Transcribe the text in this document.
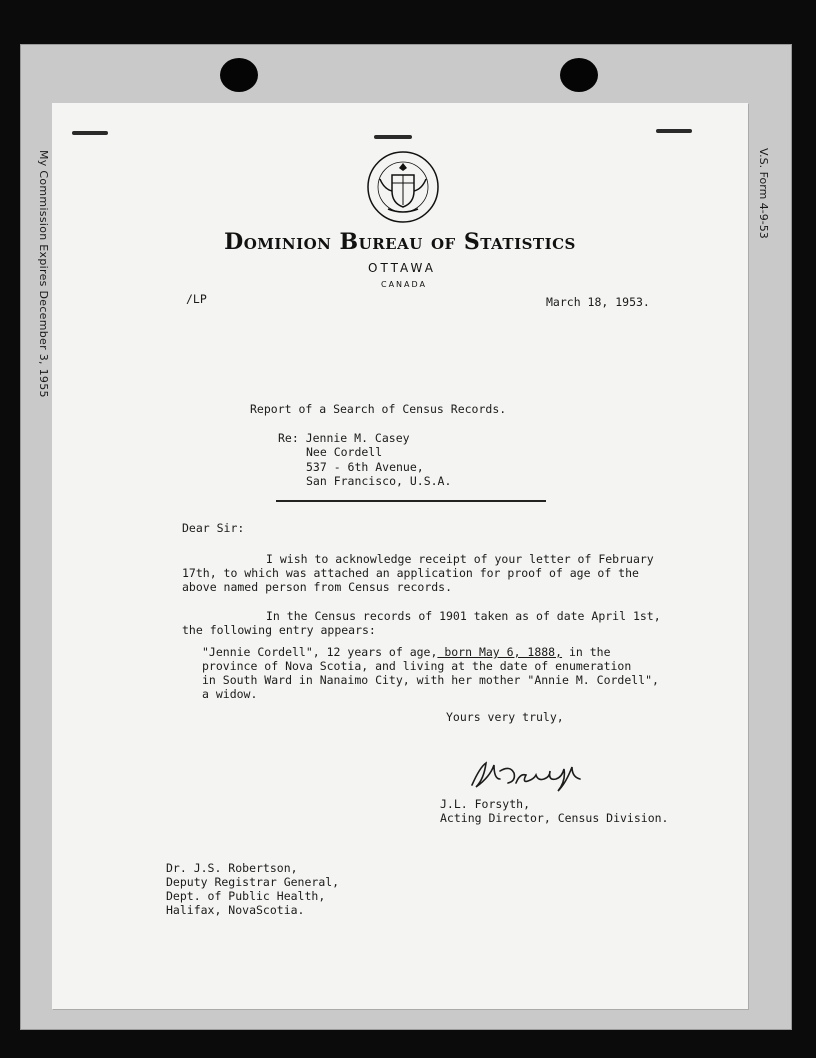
My Commission Expires December 3, 1955	V.S. Form 4-9-53
Dominion Bureau of Statistics
OTTAWA
CANADA
/LP	March 18, 1953.
Report of a Search of Census Records.
Re: Jennie M. Casey
Nee Cordell
537 - 6th Avenue,
San Francisco, U.S.A.
Dear Sir:
I wish to acknowledge receipt of your letter of February
17th, to which was attached an application for proof of age of the
above named person from Census records.
In the Census records of 1901 taken as of date April 1st,
the following entry appears:
"Jennie Cordell", 12 years of age, born May 6, 1888, in the
province of Nova Scotia, and living at the date of enumeration
in South Ward in Nanaimo City, with her mother "Annie M. Cordell",
a widow.
Yours very truly,
J.L. Forsyth,
Acting Director, Census Division.
Dr. J.S. Robertson,
Deputy Registrar General,
Dept. of Public Health,
Halifax, NovaScotia.
